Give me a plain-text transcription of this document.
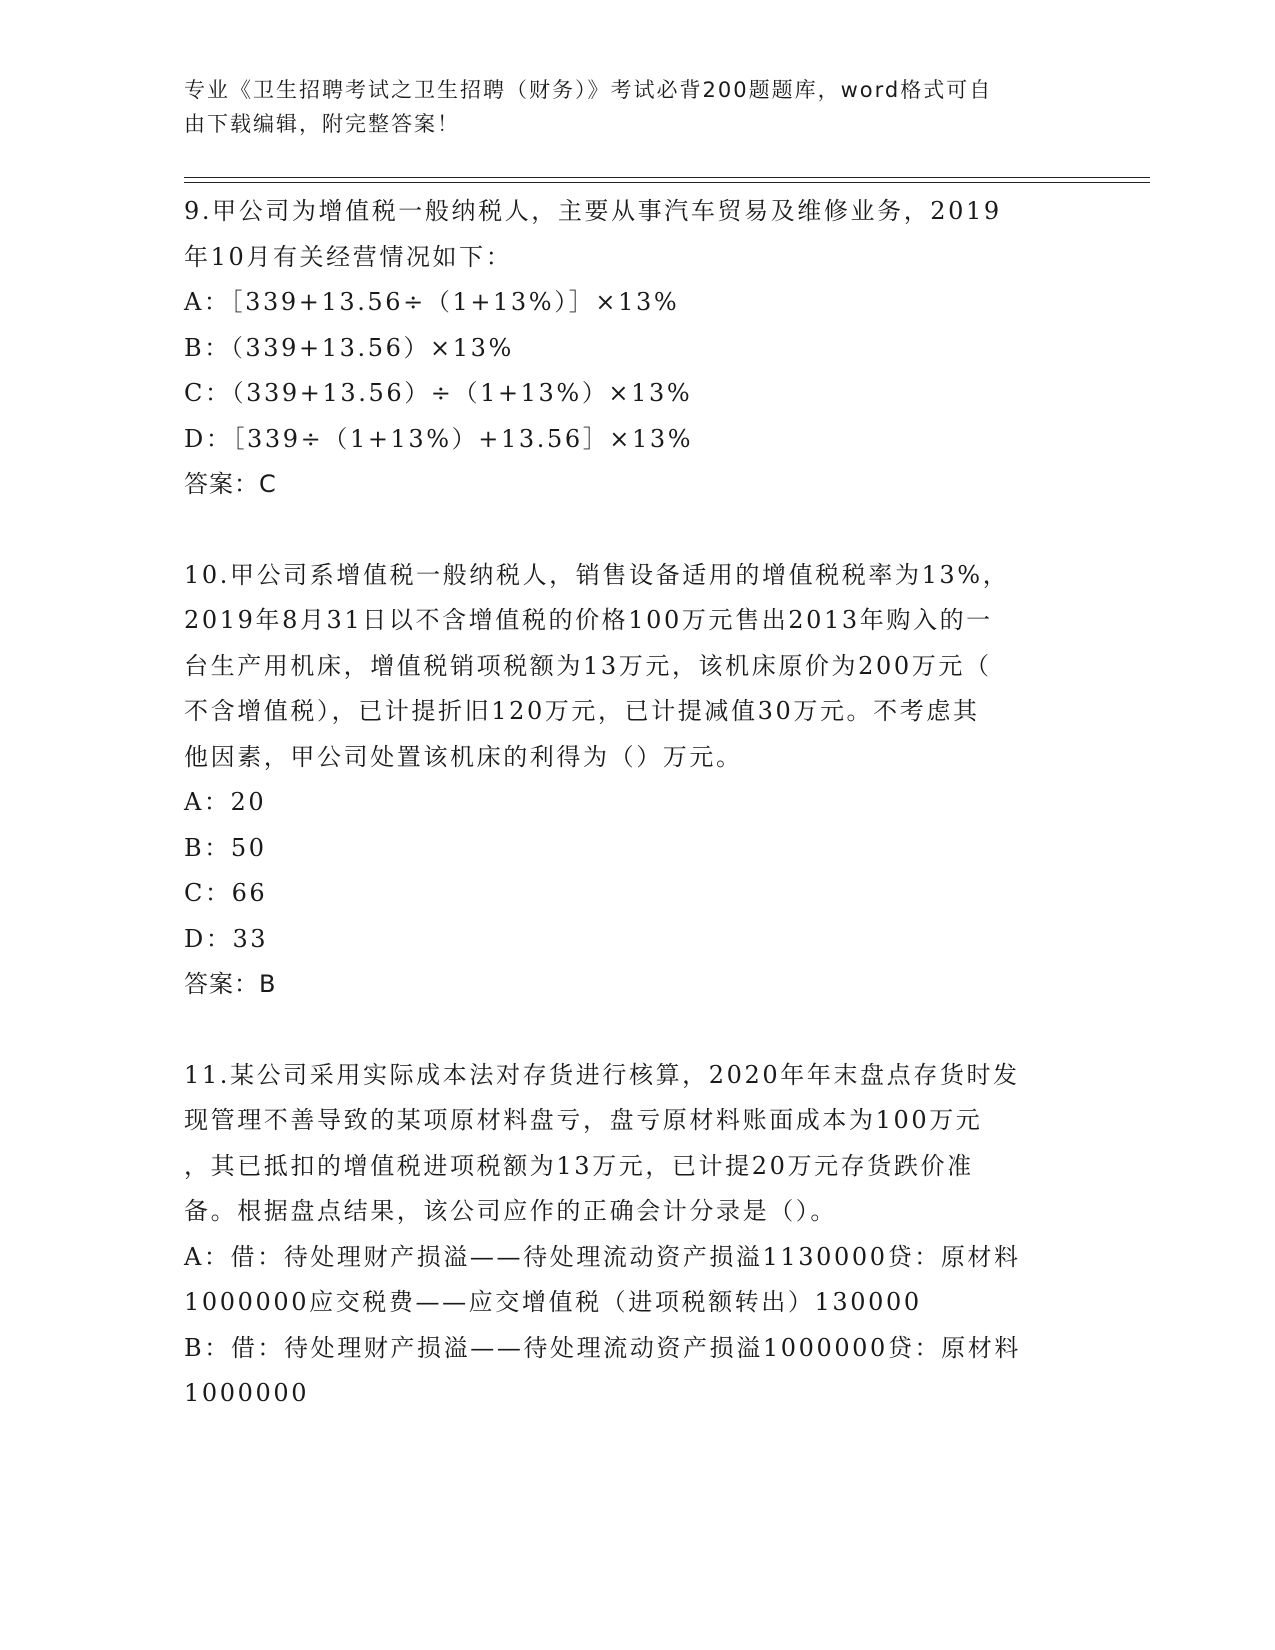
专业《卫生招聘考试之卫生招聘（财务）》考试必背200题题库，word格式可自
由下载编辑，附完整答案！
9.甲公司为增值税一般纳税人，主要从事汽车贸易及维修业务，2019
年10月有关经营情况如下：
A：［339+13.56÷（1+13%）］×13%
B：（339+13.56）×13%
C：（339+13.56）÷（1+13%）×13%
D：［339÷（1+13%）+13.56］×13%
答案：C
10.甲公司系增值税一般纳税人，销售设备适用的增值税税率为13%，
2019年8月31日以不含增值税的价格100万元售出2013年购入的一
台生产用机床，增值税销项税额为13万元，该机床原价为200万元（
不含增值税），已计提折旧120万元，已计提减值30万元。不考虑其
他因素，甲公司处置该机床的利得为（）万元。
A：20
B：50
C：66
D：33
答案：B
11.某公司采用实际成本法对存货进行核算，2020年年末盘点存货时发
现管理不善导致的某项原材料盘亏，盘亏原材料账面成本为100万元
，其已抵扣的增值税进项税额为13万元，已计提20万元存货跌价准
备。根据盘点结果，该公司应作的正确会计分录是（）。
A：借：待处理财产损溢——待处理流动资产损溢1130000贷：原材料
1000000应交税费——应交增值税（进项税额转出）130000
B：借：待处理财产损溢——待处理流动资产损溢1000000贷：原材料
1000000
